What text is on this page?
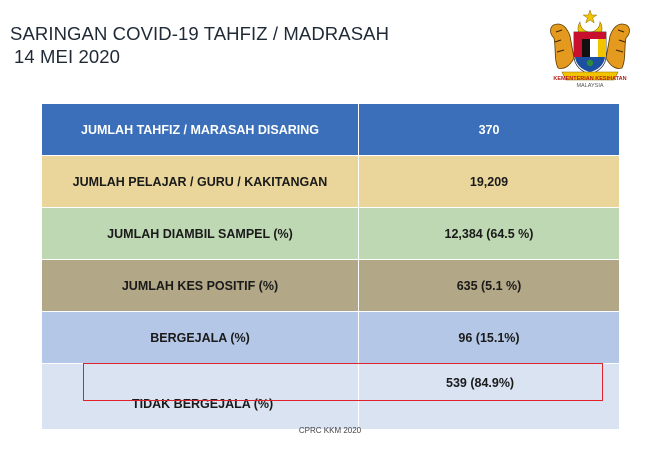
SARINGAN COVID-19 TAHFIZ / MADRASAH
14 MEI 2020
KEMENTERIAN KESIHATAN
MALAYSIA
JUMLAH TAHFIZ / MARASAH DISARING	370
JUMLAH PELAJAR / GURU / KAKITANGAN	19,209
JUMLAH DIAMBIL SAMPEL (%)	12,384 (64.5 %)
JUMLAH KES POSITIF (%)	635 (5.1 %)
BERGEJALA (%)	96 (15.1%)
TIDAK BERGEJALA (%)	539 (84.9%)
CPRC KKM 2020
